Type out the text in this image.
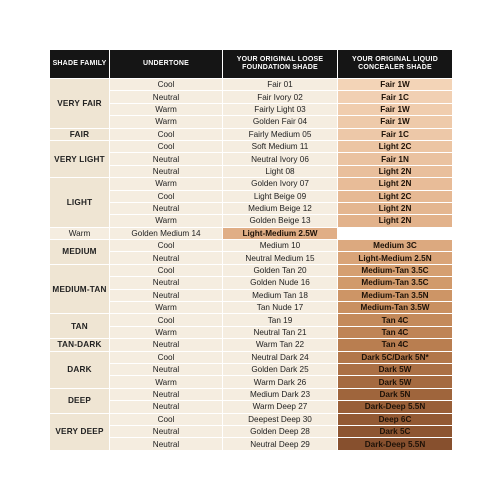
SHADE FAMILY	UNDERTONE	YOUR ORIGINAL LOOSE FOUNDATION SHADE	YOUR ORIGINAL LIQUID CONCEALER SHADE
VERY FAIR	Cool	Fair 01	Fair 1W
	Neutral	Fair Ivory 02	Fair 1C
	Warm	Fairly Light 03	Fair 1W
	Warm	Golden Fair 04	Fair 1W
FAIR	Cool	Fairly Medium 05	Fair 1C
VERY LIGHT	Cool	Soft Medium 11	Light 2C
	Neutral	Neutral Ivory 06	Fair 1N
	Neutral	Light 08	Light 2N
LIGHT	Warm	Golden Ivory 07	Light 2N
	Cool	Light Beige 09	Light 2C
	Neutral	Medium Beige 12	Light 2N
	Warm	Golden Beige 13	Light 2N
Warm	Golden Medium 14	Light-Medium 2.5W	
MEDIUM	Cool	Medium 10	Medium 3C
	Neutral	Neutral Medium 15	Light-Medium 2.5N
MEDIUM-TAN	Cool	Golden Tan 20	Medium-Tan 3.5C
	Neutral	Golden Nude 16	Medium-Tan 3.5C
	Neutral	Medium Tan 18	Medium-Tan 3.5N
	Warm	Tan Nude 17	Medium-Tan 3.5W
TAN	Cool	Tan 19	Tan 4C
	Warm	Neutral Tan 21	Tan 4C
TAN-DARK	Neutral	Warm Tan 22	Tan 4C
DARK	Cool	Neutral Dark 24	Dark 5C/Dark 5N*
	Neutral	Golden Dark 25	Dark 5W
	Warm	Warm Dark 26	Dark 5W
DEEP	Neutral	Medium Dark 23	Dark 5N
	Neutral	Warm Deep 27	Dark-Deep 5.5N
VERY DEEP	Cool	Deepest Deep 30	Deep 6C
	Neutral	Golden Deep 28	Dark 5C
	Neutral	Neutral Deep 29	Dark-Deep 5.5N
